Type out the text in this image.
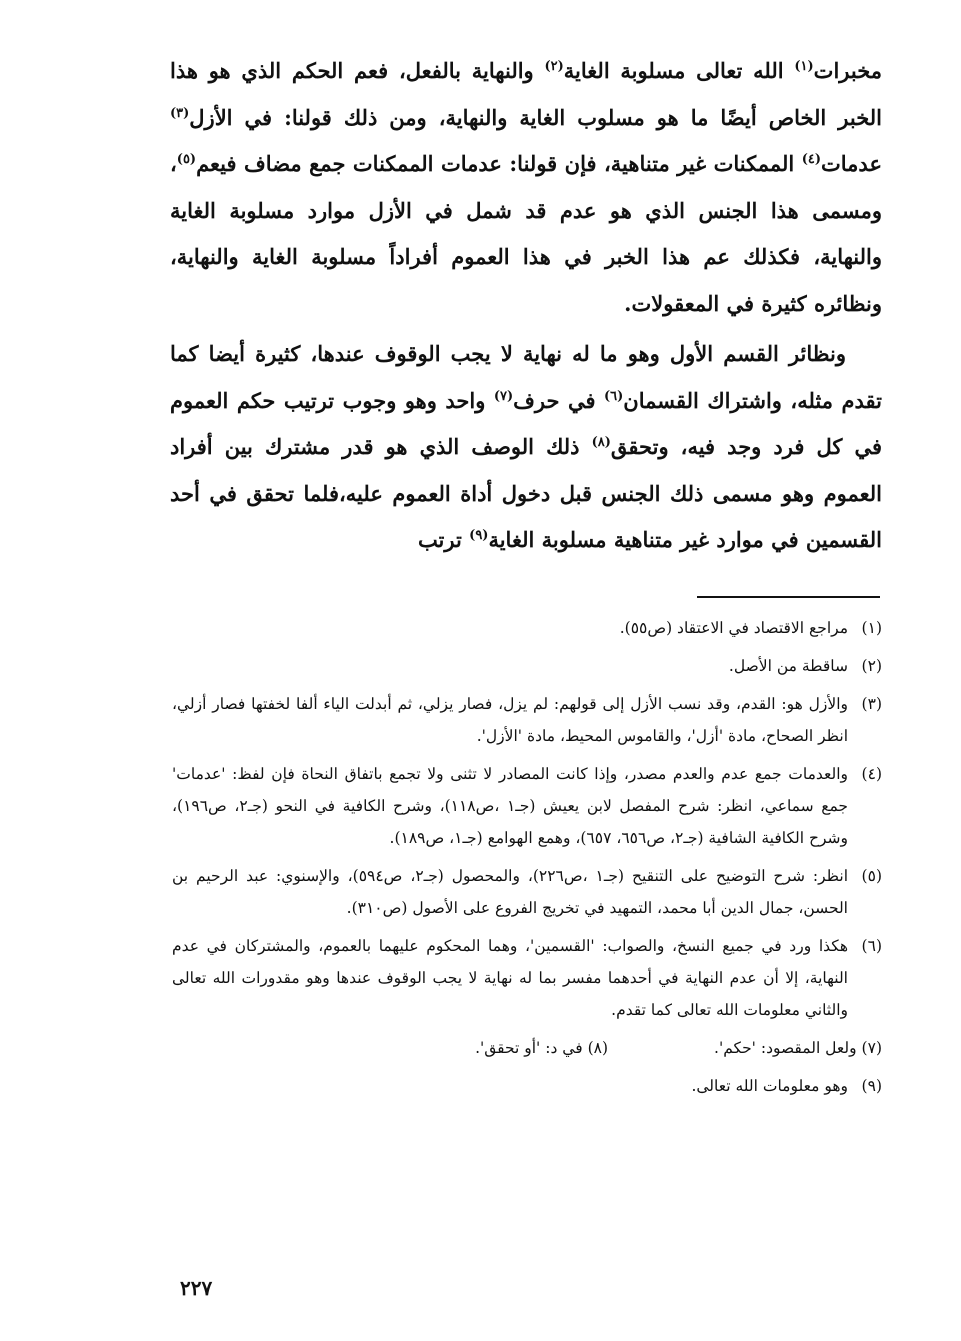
مخبرات$^{(١)}$ الله تعالى مسلوبة الغاية$^{(٢)}$ والنهاية بالفعل، فعم الحكم الذي هو هذا الخبر الخاص أيضًا ما هو مسلوب الغاية والنهاية، ومن ذلك قولنا: في الأزل$^{(٣)}$ عدمات$^{(٤)}$ الممكنات غير متناهية، فإن قولنا: عدمات الممكنات جمع مضاف فيعم$^{(٥)}$، ومسمى هذا الجنس الذي هو عدم قد شمل في الأزل موارد مسلوبة الغاية والنهاية، فكذلك عم هذا الخبر في هذا العموم أفراداً مسلوبة الغاية والنهاية، ونظائره كثيرة في المعقولات.

ونظائر القسم الأول وهو ما له نهاية لا يجب الوقوف عندها، كثيرة أيضا كما تقدم مثله، واشتراك القسمان$^{(٦)}$ في حرف$^{(٧)}$ واحد وهو وجوب ترتيب حكم العموم في كل فرد وجد فيه، وتحقق$^{(٨)}$ ذلك الوصف الذي هو قدر مشترك بين أفراد العموم وهو مسمى ذلك الجنس قبل دخول أداة العموم عليه،فلما تحقق في أحد القسمين في موارد غير متناهية مسلوبة الغاية$^{(٩)}$ ترتب

(١)مراجع الاقتصاد في الاعتقاد (ص٥٥).
(٢)ساقطة من الأصل.
(٣)والأزل هو: القدم، وقد نسب الأزل إلى قولهم: لم يزل، فصار يزلي، ثم أبدلت الياء ألفا لخفتها فصار أزلي، انظر الصحاح، مادة 'أزل'، والقاموس المحيط، مادة 'الأزل'.
(٤)والعدمات جمع عدم والعدم مصدر، وإذا كانت المصادر لا تثنى ولا تجمع باتفاق النحاة فإن لفظ: 'عدمات' جمع سماعي، انظر: شرح المفصل لابن يعيش (جـ١ ،ص١١٨)، وشرح الكافية في النحو (جـ٢، ص١٩٦)، وشرح الكافية الشافية (جـ٢، ص٦٥٦، ٦٥٧)، وهمع الهوامع (جـ١، ص١٨٩).
(٥)انظر: شرح التوضيح على التنقيح (جـ١ ،ص٢٢٦)، والمحصول (جـ٢، ص٥٩٤)، والإسنوي: عبد الرحيم بن الحسن، جمال الدين أبا محمد، التمهيد في تخريج الفروع على الأصول (ص٣١٠).
(٦)هكذا ورد في جميع النسخ، والصواب: 'القسمين'، وهما المحكوم عليهما بالعموم، والمشتركان في عدم النهاية، إلا أن عدم النهاية في أحدهما مفسر بما له نهاية لا يجب الوقوف عندها وهو مقدورات الله تعالى والثاني معلومات الله تعالى كما تقدم.
(٧) ولعل المقصود: 'حكم'.
(٨) في د: 'أو تحقق'.
(٩)وهو معلومات الله تعالى.
٢٢٧
